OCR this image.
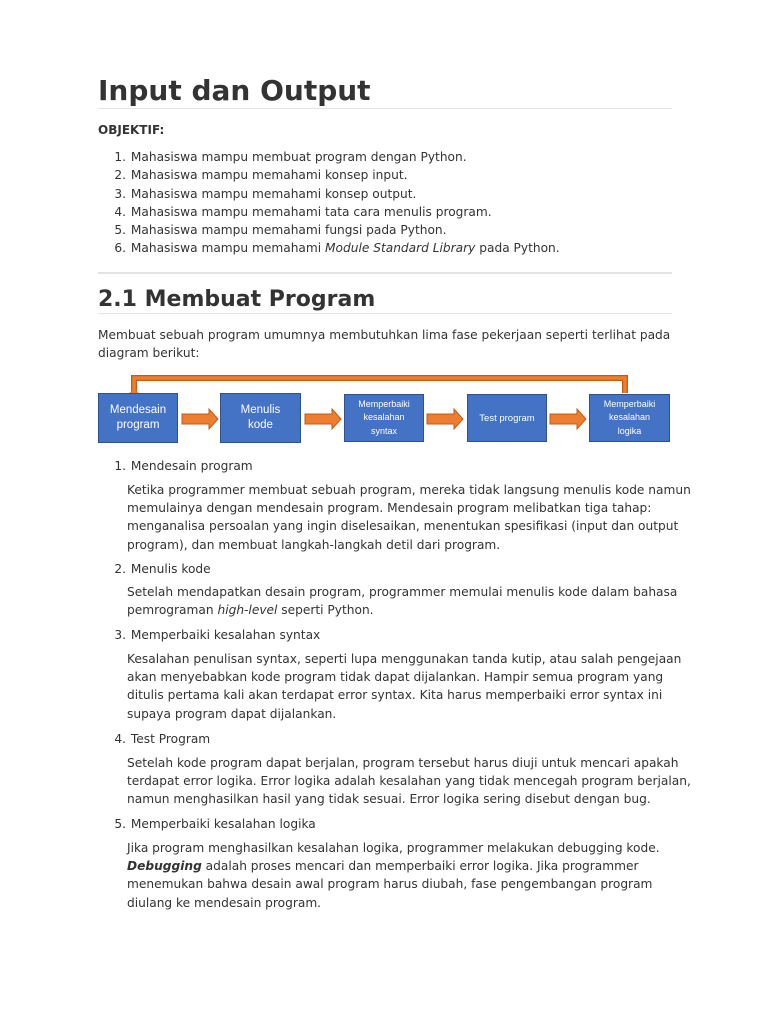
Input dan Output
OBJEKTIF:
1. Mahasiswa mampu membuat program dengan Python.
2. Mahasiswa mampu memahami konsep input.
3. Mahasiswa mampu memahami konsep output.
4. Mahasiswa mampu memahami tata cara menulis program.
5. Mahasiswa mampu memahami fungsi pada Python.
6. Mahasiswa mampu memahami Module Standard Library pada Python.
2.1 Membuat Program
Membuat sebuah program umumnya membutuhkan lima fase pekerjaan seperti terlihat pada
diagram berikut:
Mendesain
program
Menulis
kode
Memperbaiki
kesalahan
syntax
Test program
Memperbaiki
kesalahan
logika
1. Mendesain program
Ketika programmer membuat sebuah program, mereka tidak langsung menulis kode namun
memulainya dengan mendesain program. Mendesain program melibatkan tiga tahap:
menganalisa persoalan yang ingin diselesaikan, menentukan spesifikasi (input dan output
program), dan membuat langkah-langkah detil dari program.
2. Menulis kode
Setelah mendapatkan desain program, programmer memulai menulis kode dalam bahasa
pemrograman high-level seperti Python.
3. Memperbaiki kesalahan syntax
Kesalahan penulisan syntax, seperti lupa menggunakan tanda kutip, atau salah pengejaan
akan menyebabkan kode program tidak dapat dijalankan. Hampir semua program yang
ditulis pertama kali akan terdapat error syntax. Kita harus memperbaiki error syntax ini
supaya program dapat dijalankan.
4. Test Program
Setelah kode program dapat berjalan, program tersebut harus diuji untuk mencari apakah
terdapat error logika. Error logika adalah kesalahan yang tidak mencegah program berjalan,
namun menghasilkan hasil yang tidak sesuai. Error logika sering disebut dengan bug.
5. Memperbaiki kesalahan logika
Jika program menghasilkan kesalahan logika, programmer melakukan debugging kode.
Debugging adalah proses mencari dan memperbaiki error logika. Jika programmer
menemukan bahwa desain awal program harus diubah, fase pengembangan program
diulang ke mendesain program.
